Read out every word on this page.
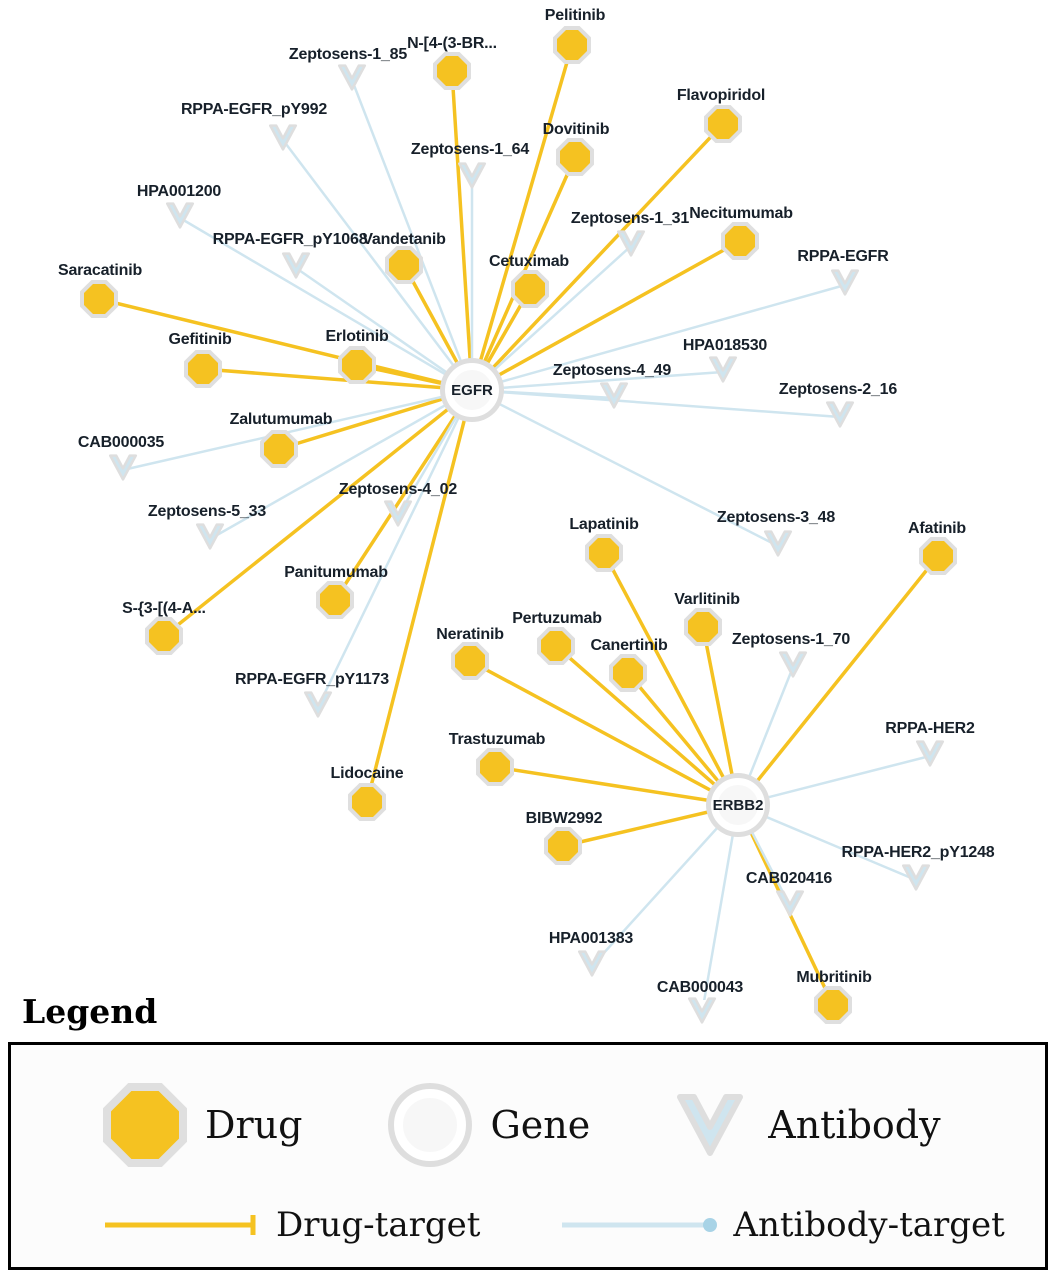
Pelitinib
N-[4-(3-BR...
Flavopiridol
Dovitinib
Necitumumab
Vandetanib
Cetuximab
Saracatinib
Erlotinib
Gefitinib
Zalutumumab
Lapatinib	Afatinib
Varlitinib
Panitumumab
S-{3-[(4-A...
Pertuzumab
Neratinib
Canertinib
Trastuzumab
Lidocaine
BIBW2992
Mubritinib
Zeptosens-1_85
RPPA-EGFR_pY992
Zeptosens-1_64
HPA001200
Zeptosens-1_31
RPPA-EGFR_pY1068
RPPA-EGFR
HPA018530
Zeptosens-4_49
Zeptosens-2_16
CAB000035
Zeptosens-4_02
Zeptosens-5_33	Zeptosens-3_48
Zeptosens-1_70
RPPA-EGFR_pY1173
RPPA-HER2
RPPA-HER2_pY1248
CAB020416
HPA001383
CAB000043
EGFR
ERBB2
Legend
Drug	Gene	Antibody
Drug-target	Antibody-target
